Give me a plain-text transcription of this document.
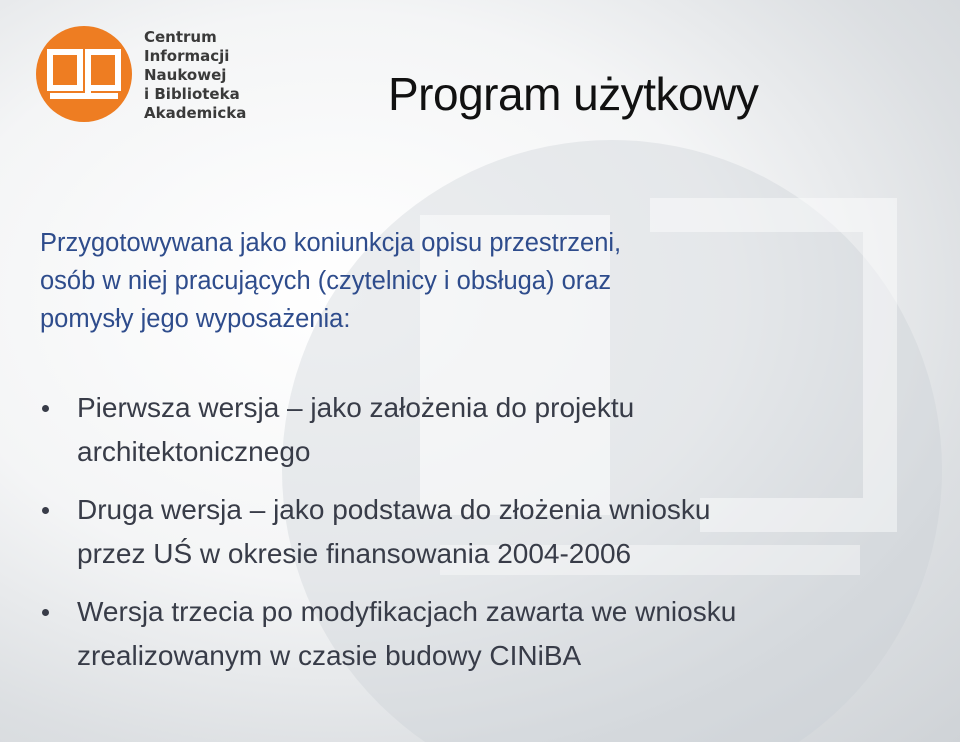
Centrum
Informacji
Naukowej
i Biblioteka
Akademicka	Program użytkowy
Przygotowywana jako koniunkcja opisu przestrzeni,
osób w niej pracujących (czytelnicy i obsługa) oraz
pomysły jego wyposażenia:
Pierwsza wersja – jako założenia do projektu
architektonicznego
Druga wersja – jako podstawa do złożenia wniosku
przez UŚ w okresie finansowania 2004-2006
Wersja trzecia po modyfikacjach zawarta we wniosku
zrealizowanym w czasie budowy CINiBA
